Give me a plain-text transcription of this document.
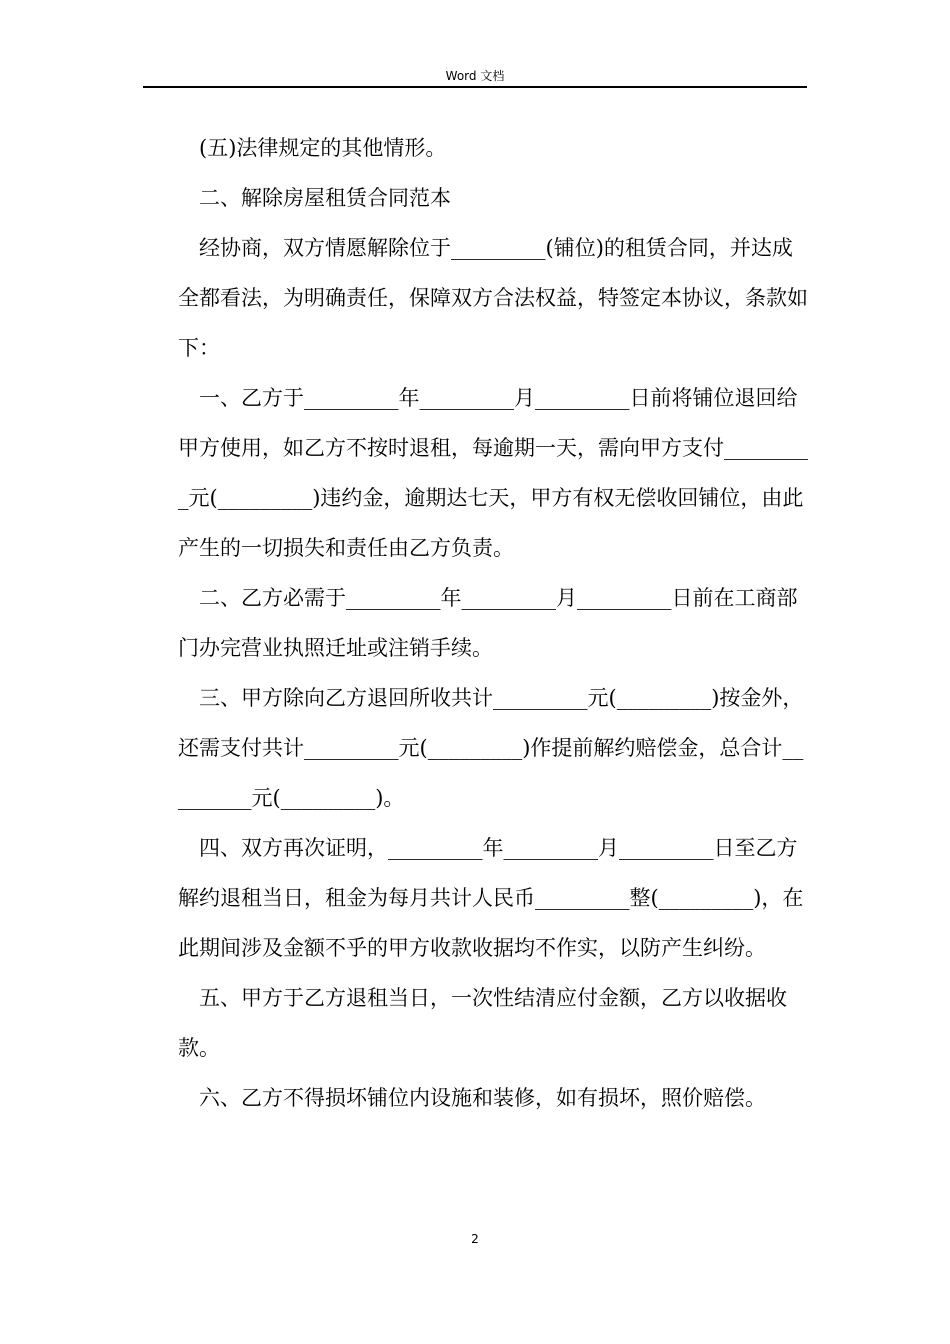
Word 文档

(五)法律规定的其他情形。

二、解除房屋租赁合同范本

经协商，双方情愿解除位于_________(铺位)的租赁合同，并达成全都看法，为明确责任，保障双方合法权益，特签定本协议，条款如下：

一、乙方于_________年_________月_________日前将铺位退回给甲方使用，如乙方不按时退租，每逾期一天，需向甲方支付_________元(_________)违约金，逾期达七天，甲方有权无偿收回铺位，由此产生的一切损失和责任由乙方负责。

二、乙方必需于_________年_________月_________日前在工商部门办完营业执照迁址或注销手续。

三、甲方除向乙方退回所收共计_________元(_________)按金外，还需支付共计_________元(_________)作提前解约赔偿金，总合计_________元(_________)。

四、双方再次证明，_________年_________月_________日至乙方解约退租当日，租金为每月共计人民币_________整(_________)，在此期间涉及金额不乎的甲方收款收据均不作实，以防产生纠纷。

五、甲方于乙方退租当日，一次性结清应付金额，乙方以收据收款。

六、乙方不得损坏铺位内设施和装修，如有损坏，照价赔偿。

2
